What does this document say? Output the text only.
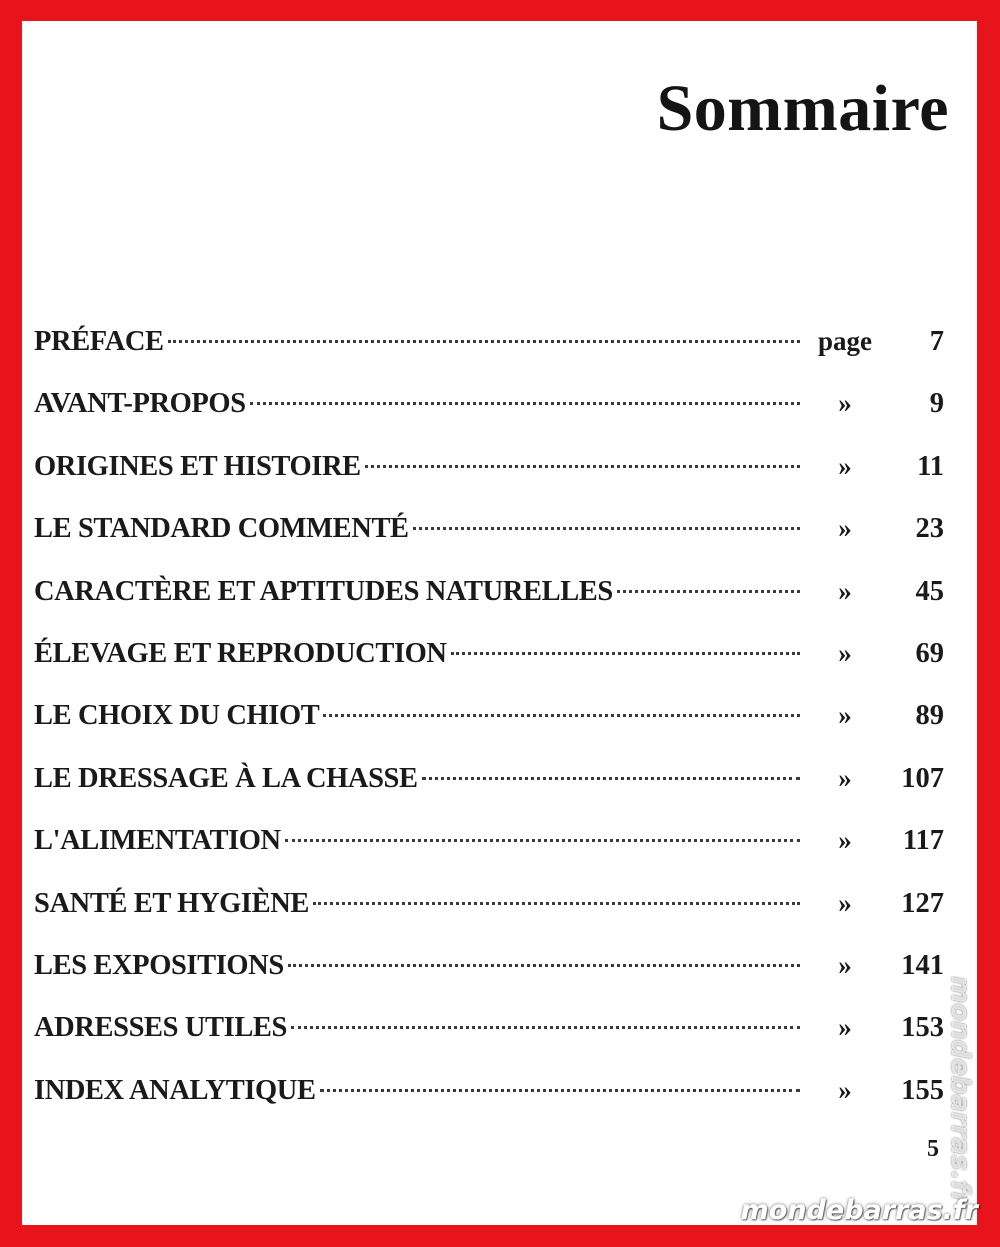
Sommaire
PRÉFACE	page	7
AVANT-PROPOS	»	9
ORIGINES ET HISTOIRE	»	11
LE STANDARD COMMENTÉ	»	23
CARACTÈRE ET APTITUDES NATURELLES	»	45
ÉLEVAGE ET REPRODUCTION	»	69
LE CHOIX DU CHIOT	»	89
LE DRESSAGE À LA CHASSE	»	107
L'ALIMENTATION	»	117
SANTÉ ET HYGIÈNE	»	127
LES EXPOSITIONS	»	141
ADRESSES UTILES	»	153
INDEX ANALYTIQUE	»	155
5 mondebarras.fr
mondebarras.fr
